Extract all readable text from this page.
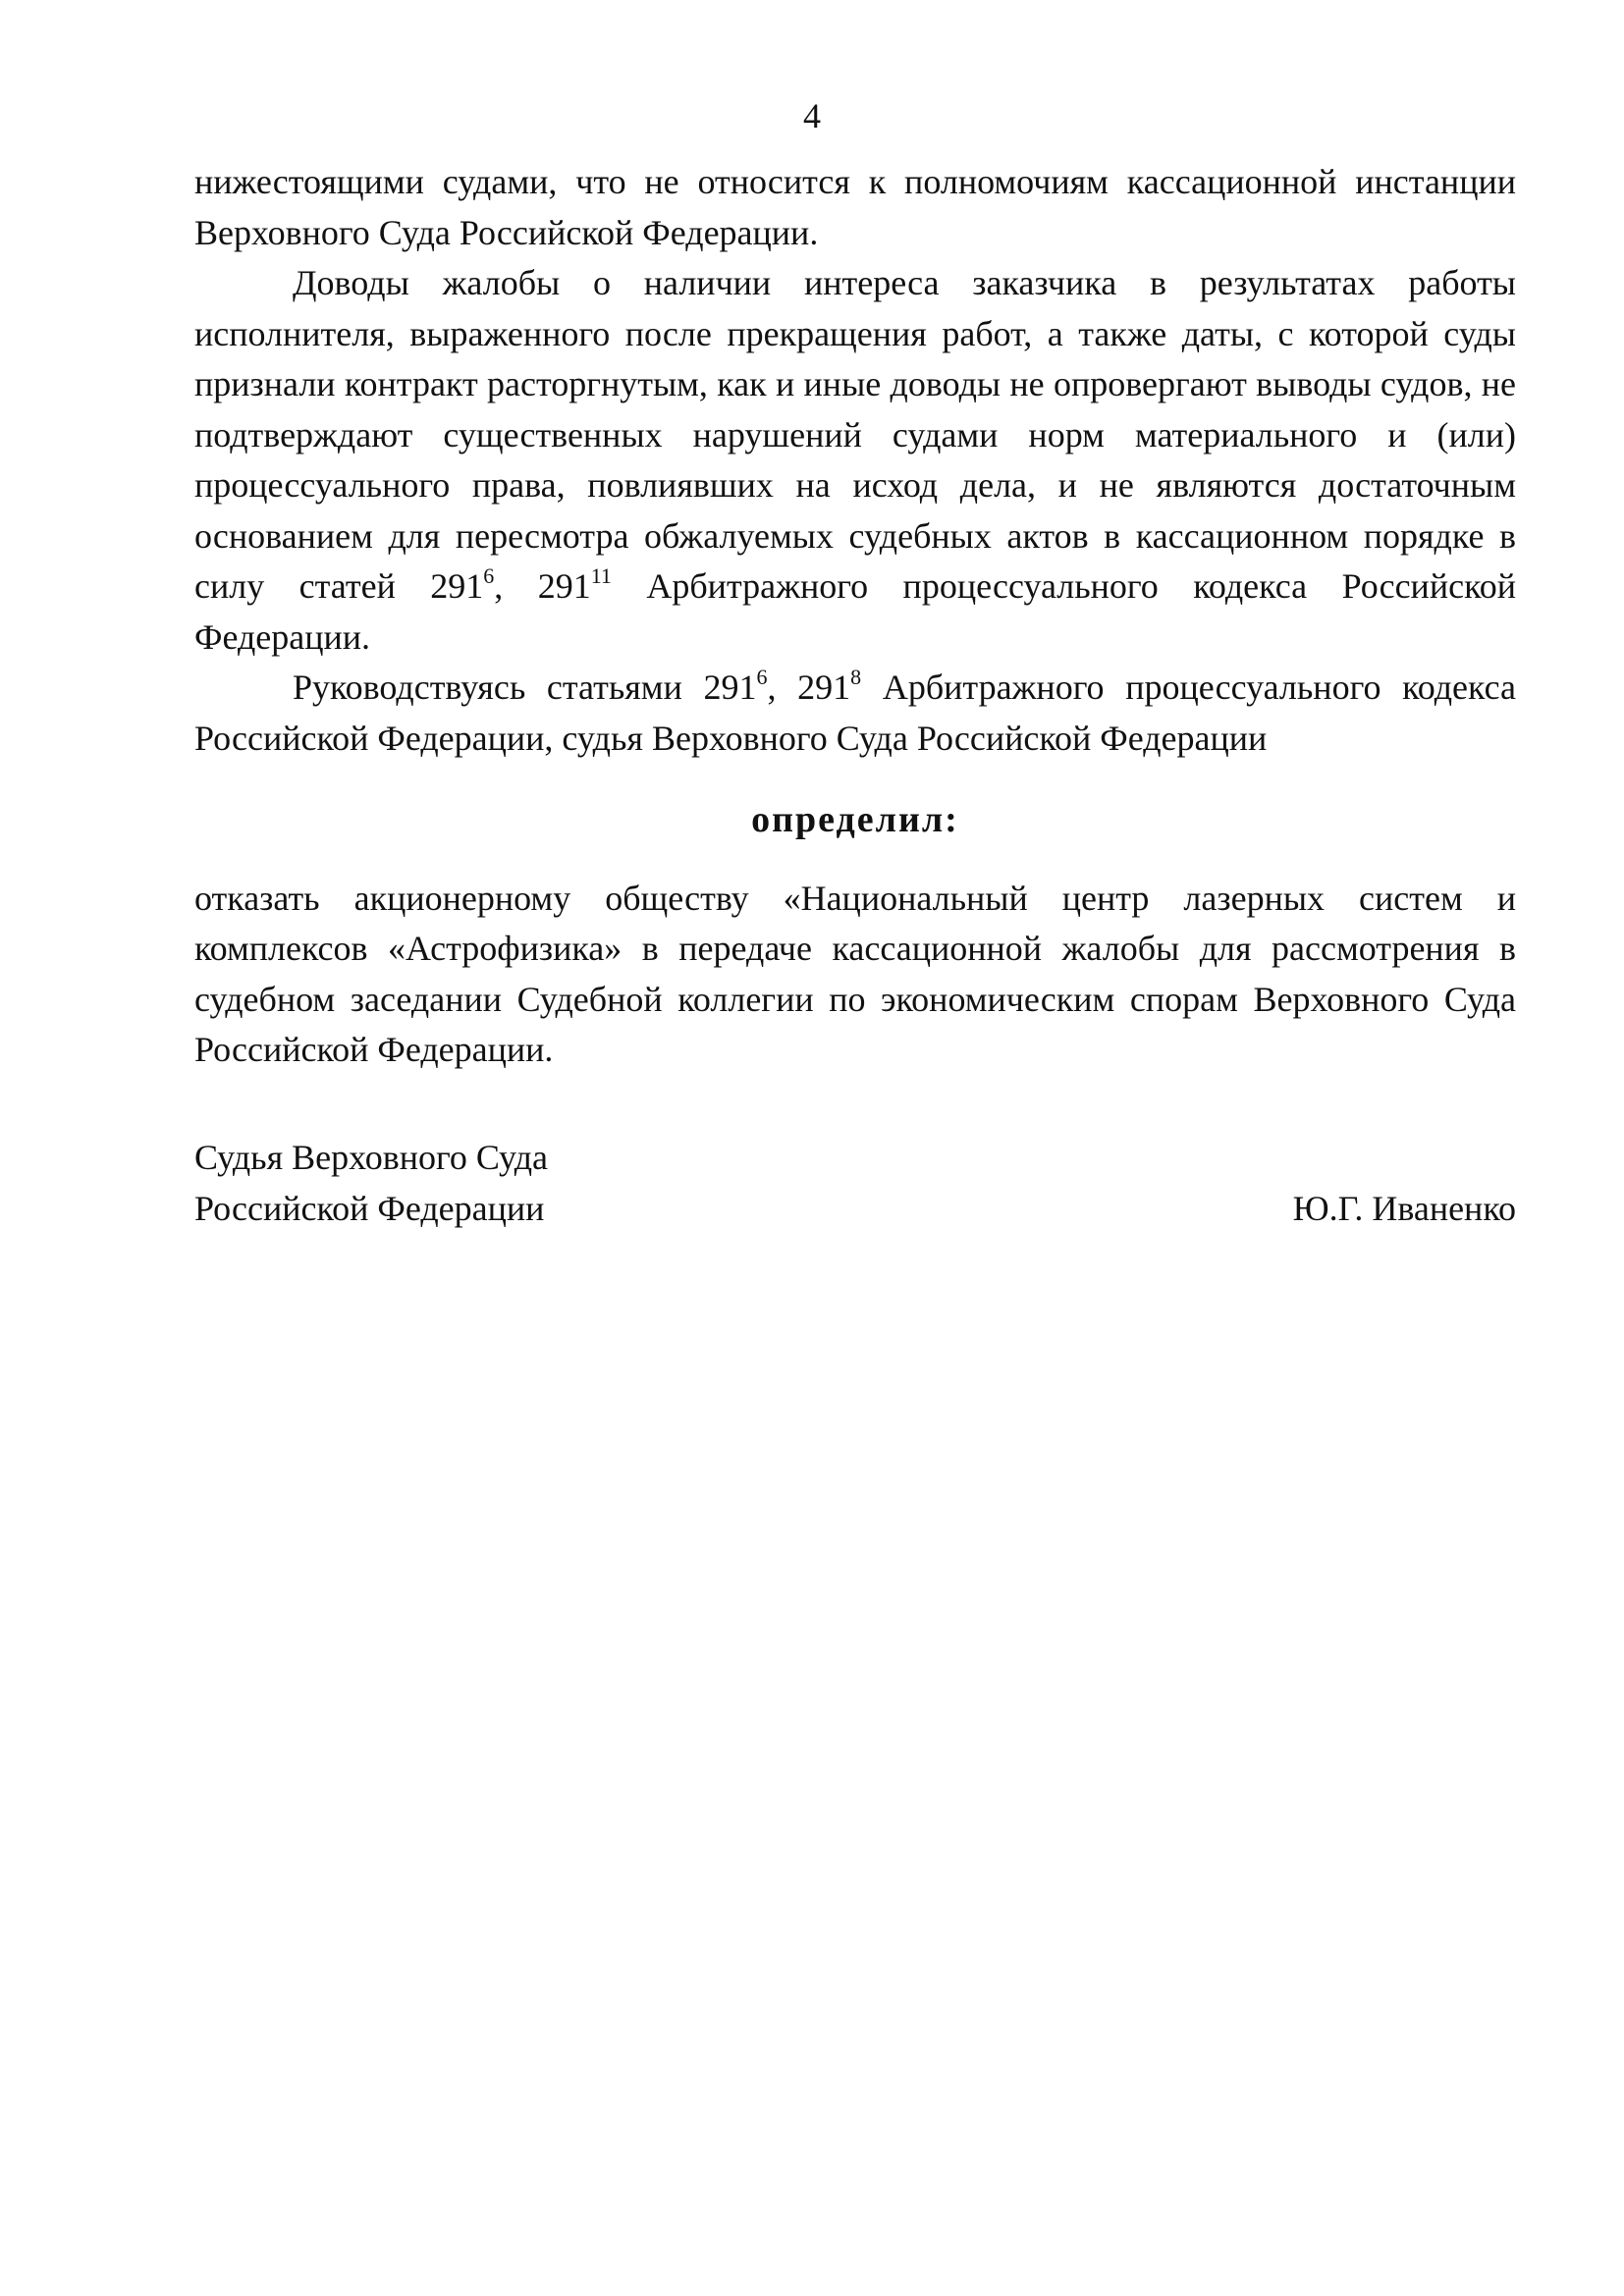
4

нижестоящими судами, что не относится к полномочиям кассационной инстанции Верховного Суда Российской Федерации.

Доводы жалобы о наличии интереса заказчика в результатах работы исполнителя, выраженного после прекращения работ, а также даты, с которой суды признали контракт расторгнутым, как и иные доводы не опровергают выводы судов, не подтверждают существенных нарушений судами норм материального и (или) процессуального права, повлиявших на исход дела, и не являются достаточным основанием для пересмотра обжалуемых судебных актов в кассационном порядке в силу статей $291^6$, $291^{11}$ Арбитражного процессуального кодекса Российской Федерации.

Руководствуясь статьями $291^6$, $291^8$ Арбитражного процессуального кодекса Российской Федерации, судья Верховного Суда Российской Федерации

определил:

отказать акционерному обществу «Национальный центр лазерных систем и комплексов «Астрофизика» в передаче кассационной жалобы для рассмотрения в судебном заседании Судебной коллегии по экономическим спорам Верховного Суда Российской Федерации.

Судья Верховного Суда
Российской Федерации	Ю.Г. Иваненко
